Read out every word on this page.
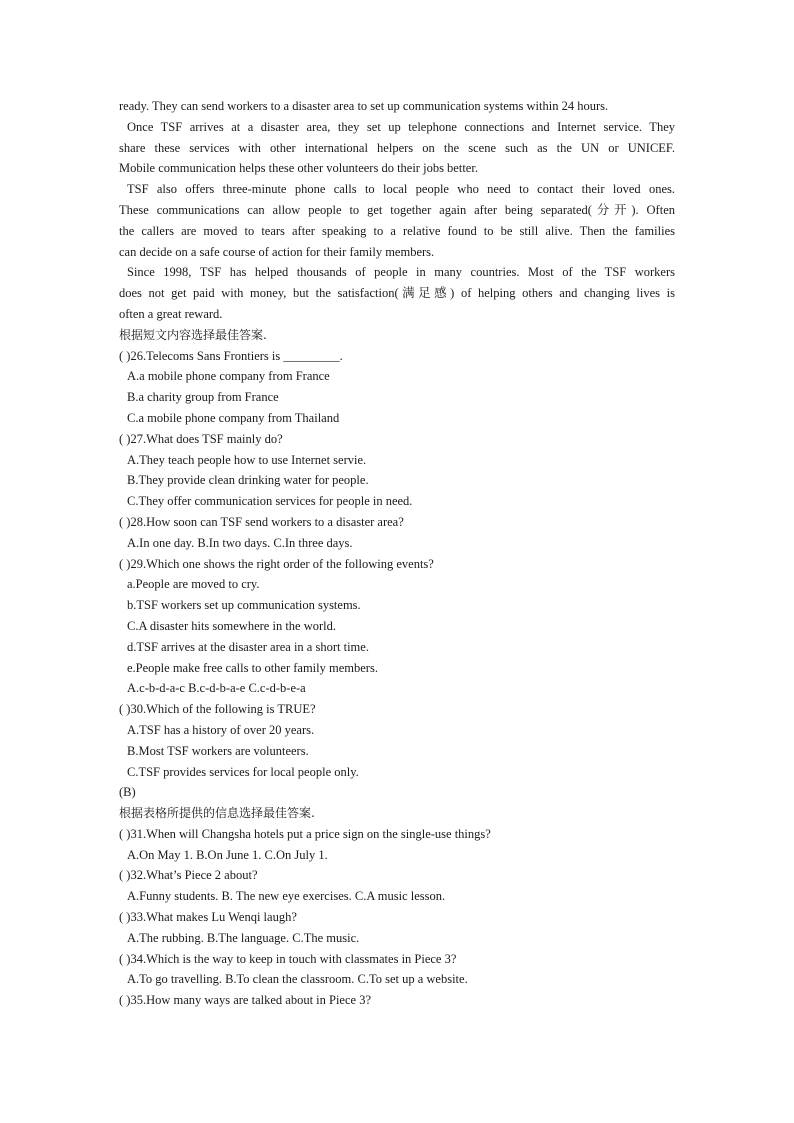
ready. They can send workers to a disaster area to set up communication systems within 24 hours.
Once TSF arrives at a disaster area, they set up telephone connections and Internet service. They
share these services with other international helpers on the scene such as the UN or UNICEF.
Mobile communication helps these other volunteers do their jobs better.
TSF also offers three-minute phone calls to local people who need to contact their loved ones.
These communications can allow people to get together again after being separated(分开). Often
the callers are moved to tears after speaking to a relative found to be still alive. Then the families
can decide on a safe course of action for their family members.
Since 1998, TSF has helped thousands of people in many countries. Most of the TSF workers
does not get paid with money, but the satisfaction(满足感) of helping others and changing lives is
often a great reward.
根据短文内容选择最佳答案.
( )26.Telecoms Sans Frontiers is _________.
A.a mobile phone company from France
B.a charity group from France
C.a mobile phone company from Thailand
( )27.What does TSF mainly do?
A.They teach people how to use Internet servie.
B.They provide clean drinking water for people.
C.They offer communication services for people in need.
( )28.How soon can TSF send workers to a disaster area?
A.In one day. B.In two days. C.In three days.
( )29.Which one shows the right order of the following events?
a.People are moved to cry.
b.TSF workers set up communication systems.
C.A disaster hits somewhere in the world.
d.TSF arrives at the disaster area in a short time.
e.People make free calls to other family members.
A.c-b-d-a-c B.c-d-b-a-e C.c-d-b-e-a
( )30.Which of the following is TRUE?
A.TSF has a history of over 20 years.
B.Most TSF workers are volunteers.
C.TSF provides services for local people only.
(B)
根据表格所提供的信息选择最佳答案.
( )31.When will Changsha hotels put a price sign on the single-use things?
A.On May 1. B.On June 1. C.On July 1.
( )32.What’s Piece 2 about?
A.Funny students. B. The new eye exercises. C.A music lesson.
( )33.What makes Lu Wenqi laugh?
A.The rubbing. B.The language. C.The music.
( )34.Which is the way to keep in touch with classmates in Piece 3?
A.To go travelling. B.To clean the classroom. C.To set up a website.
( )35.How many ways are talked about in Piece 3?
